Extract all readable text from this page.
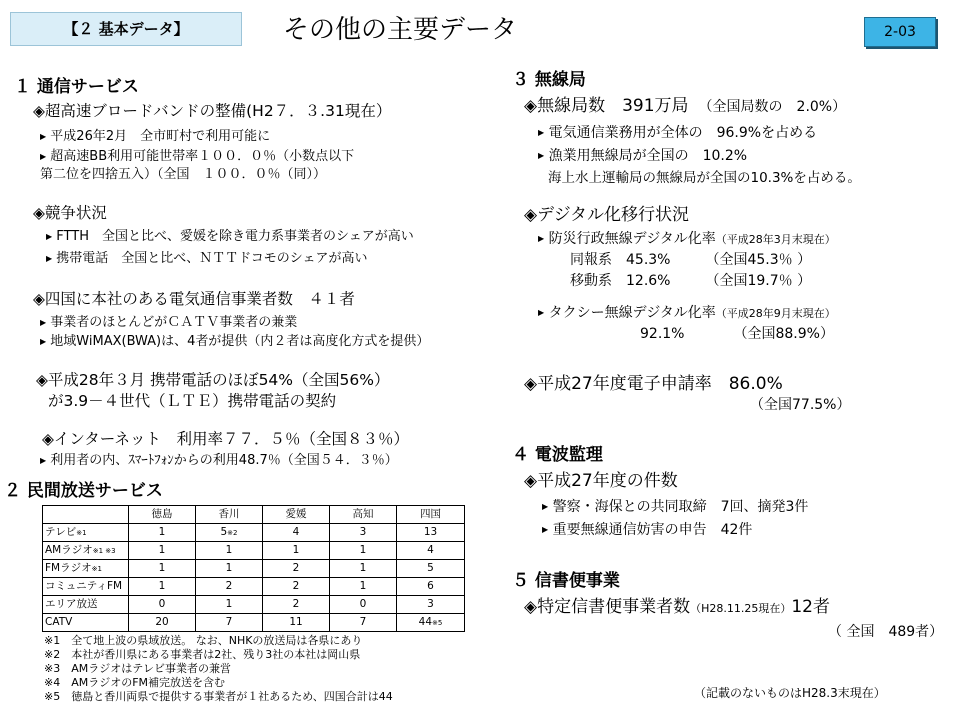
【２ 基本データ】	その他の主要データ	2-03
１ 通信サービス
◈超高速ブロードバンドの整備(H2７．３.31現在）
▶ 平成26年2月　全市町村で利用可能に
▶ 超高速BB利用可能世帯率１００．０％（小数点以下
第二位を四捨五入）（全国　１００．０％（同））
◈競争状況
▶ FTTH　全国と比べ、愛媛を除き電力系事業者のシェアが高い
▶ 携帯電話　全国と比べ、ＮＴＴドコモのシェアが高い
◈四国に本社のある電気通信事業者数　４１者
▶ 事業者のほとんどがＣＡＴＶ事業者の兼業
▶ 地域WiMAX(BWA)は、4者が提供（内２者は高度化方式を提供）
◈平成28年３月 携帯電話のほぼ54%（全国56%）
が3.9－４世代（ＬＴＥ）携帯電話の契約
◈インターネット　利用率７７．５％（全国８３％）
▶ 利用者の内、ｽﾏｰﾄﾌｫﾝからの利用48.7％（全国５４．３％）
２ 民間放送サービス
	徳島	香川	愛媛	高知	四国
テレビ※1	1	5※2	4	3	13
AMラジオ※1 ※3	1	1	1	1	4
FMラジオ※1	1	1	2	1	5
コミュニティFM	1	2	2	1	6
エリア放送	0	1	2	0	3
CATV	20	7	11	7	44※5
※1　全て地上波の県域放送。 なお、NHKの放送局は各県にあり
※2　本社が香川県にある事業者は2社、残り3社の本社は岡山県
※3　AMラジオはテレビ事業者の兼営
※4　AMラジオのFM補完放送を含む
※5　徳島と香川両県で提供する事業者が１社あるため、四国合計は44
３ 無線局
◈無線局数　391万局　 （全国局数の　2.0%）
▶ 電気通信業務用が全体の　96.9%を占める
▶ 漁業用無線局が全国の　10.2%
海上水上運輸局の無線局が全国の10.3%を占める。
◈デジタル化移行状況
▶ 防災行政無線デジタル化率（平成28年3月末現在）
同報系　45.3%　　　（全国45.3％ ）
移動系　12.6%　　　（全国19.7％ ）
▶ タクシー無線デジタル化率（平成28年9月末現在）
92.1%　　　　（全国88.9%）
◈平成27年度電子申請率　 86.0%
（全国77.5%）
４ 電波監理
◈平成27年度の件数
▶ 警察・海保との共同取締　7回、摘発3件
▶ 重要無線通信妨害の申告　42件
５ 信書便事業
◈特定信書便事業者数（H28.11.25現在）12者
（ 全国　489者）
（記載のないものはH28.3末現在）
